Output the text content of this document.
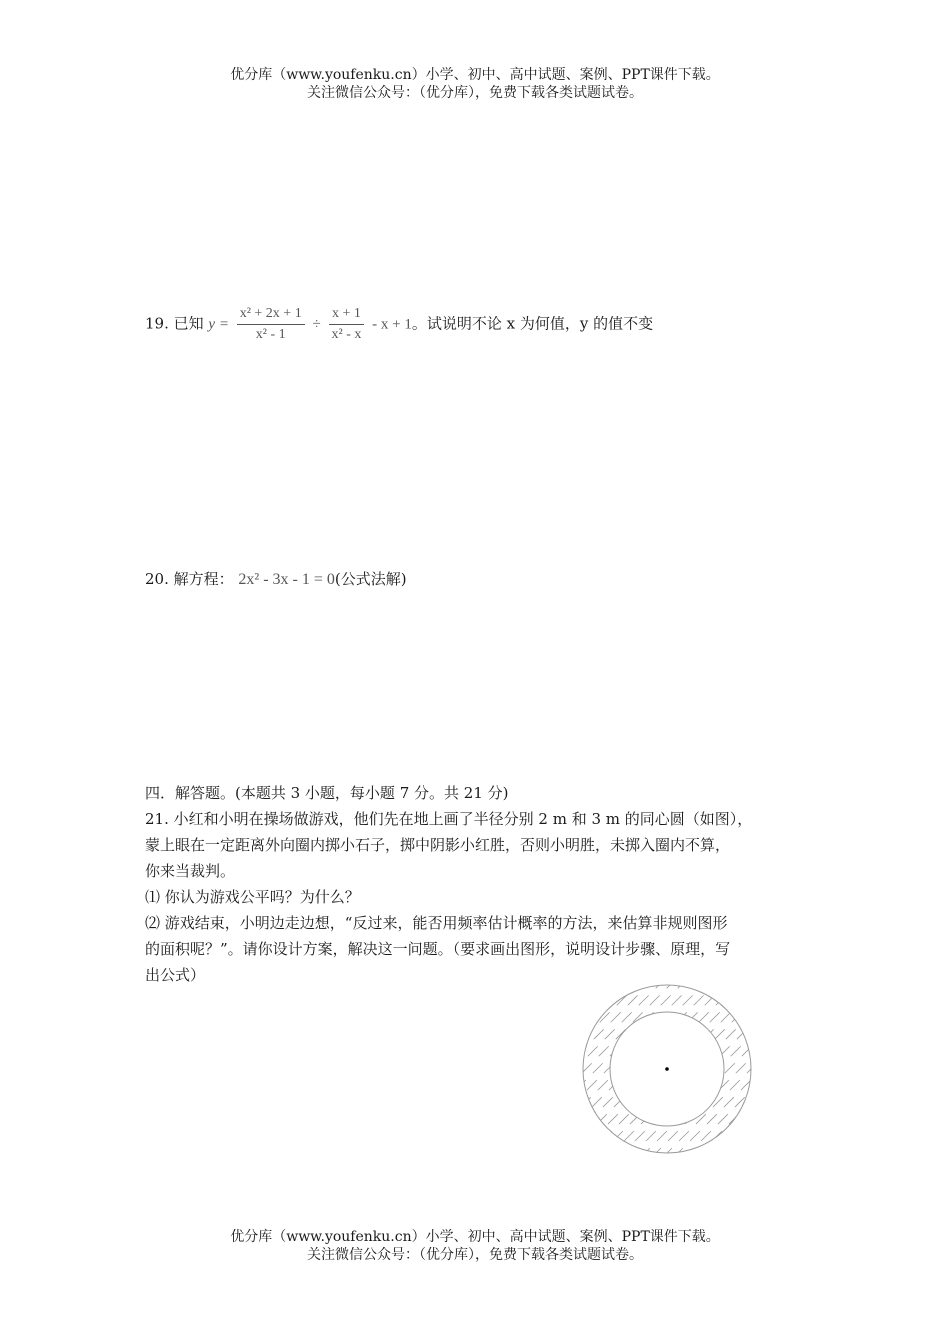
优分库（www.youfenku.cn）小学、初中、高中试题、案例、PPT课件下载。
关注微信公众号：（优分库），免费下载各类试题试卷。
19. 已知 $y = \frac{\text{x² + 2x + 1}}{\text{x² - 1}} \div \frac{x + 1}{\text{x² - x}} - x + 1$。试说明不论 x 为何值，y 的值不变
20. 解方程： 2x² - 3x - 1 = 0(公式法解)

四．解答题。(本题共 3 小题，每小题 7 分。共 21 分)

21. 小红和小明在操场做游戏，他们先在地上画了半径分别 2 m 和 3 m 的同心圆（如图），

蒙上眼在一定距离外向圈内掷小石子，掷中阴影小红胜，否则小明胜，未掷入圈内不算，

你来当裁判。

⑴ 你认为游戏公平吗？为什么？

⑵ 游戏结束，小明边走边想，“反过来，能否用频率估计概率的方法，来估算非规则图形

的面积呢？”。请你设计方案，解决这一问题。（要求画出图形，说明设计步骤、原理，写

出公式）

优分库（www.youfenku.cn）小学、初中、高中试题、案例、PPT课件下载。
关注微信公众号：（优分库），免费下载各类试题试卷。
